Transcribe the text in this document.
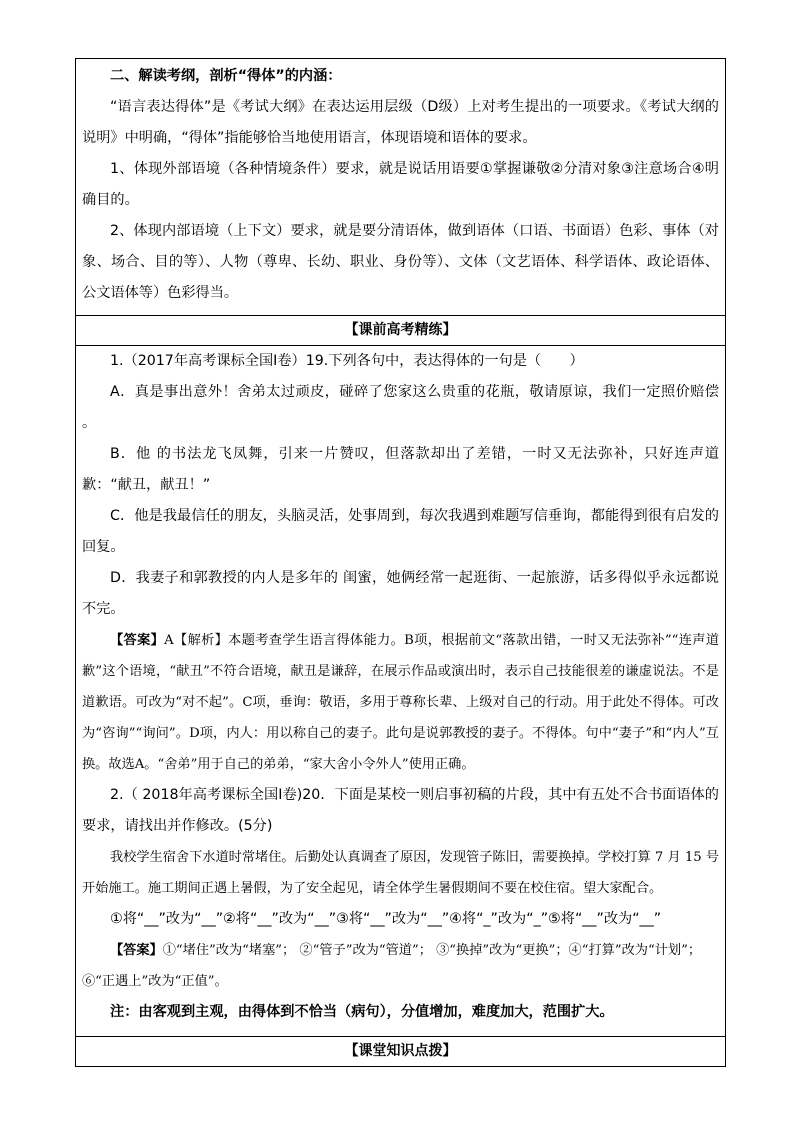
二、解读考纲，剖析“得体”的内涵：

“语言表达得体”是《考试大纲》在表达运用层级（D级）上对考生提出的一项要求。《考试大纲的说明》中明确，“得体”指能够恰当地使用语言，体现语境和语体的要求。

1、体现外部语境（各种情境条件）要求，就是说话用语要①掌握谦敬②分清对象③注意场合④明确目的。

2、体现内部语境（上下文）要求，就是要分清语体，做到语体（口语、书面语）色彩、事体（对象、场合、目的等）、人物（尊卑、长幼、职业、身份等）、文体（文艺语体、科学语体、政论语体、公文语体等）色彩得当。

【课前高考精练】

1.（2017年高考课标全国Ⅰ卷）19.下列各句中，表达得体的一句是（　　）

A．真是事出意外！舍弟太过顽皮，碰碎了您家这么贵重的花瓶，敬请原谅，我们一定照价赔偿 。

B．他 的书法龙飞凤舞，引来一片赞叹，但落款却出了差错，一时又无法弥补，只好连声道歉：“献丑，献丑！”

C．他是我最信任的朋友，头脑灵活，处事周到，每次我遇到难题写信垂询，都能得到很有启发的回复。

D．我妻子和郭教授的内人是多年的 闺蜜，她俩经常一起逛街、一起旅游，话多得似乎永远都说不完。

【答案】A【解析】本题考查学生语言得体能力。B项，根据前文“落款出错，一时又无法弥补”“连声道歉”这个语境，“献丑”不符合语境，献丑是谦辞，在展示作品或演出时，表示自己技能很差的谦虚说法。不是道歉语。可改为“对不起”。C项，垂询：敬语，多用于尊称长辈、上级对自己的行动。用于此处不得体。可改为“咨询”“询问”。D项，内人：用以称自己的妻子。此句是说郭教授的妻子。不得体。句中“妻子”和“内人”互换。故选A。“舍弟”用于自己的弟弟，“家大舍小令外人”使用正确。

2.（ 2018年高考课标全国Ⅰ卷)20．下面是某校一则启事初稿的片段，其中有五处不合书面语体的要求，请找出并作修改。(5分)

我校学生宿舍下水道时常堵住。后勤处认真调查了原因，发现管子陈旧，需要换掉。学校打算 7 月 15 号开始施工。施工期间正遇上暑假，为了安全起见，请全体学生暑假期间不要在校住宿。望大家配合。

①将“__”改为“__”②将“__”改为“__”③将“__”改为“__”④将“_”改为“_”⑤将“__”改为“__”

【答案】①“堵住”改为“堵塞”； ②“管子”改为“管道”； ③“换掉”改为“更换”；④“打算”改为“计划”；

⑥“正遇上”改为“正值”。

注：由客观到主观，由得体到不恰当（病句），分值增加，难度加大，范围扩大。

【课堂知识点拨】
